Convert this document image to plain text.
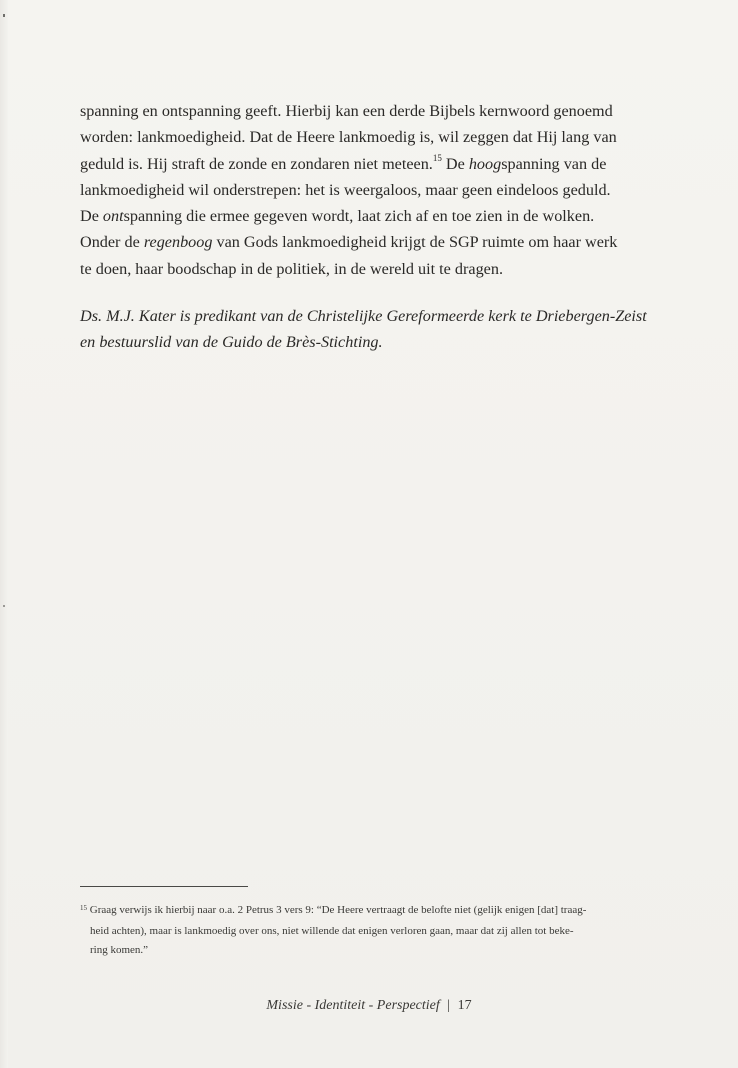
spanning en ontspanning geeft. Hierbij kan een derde Bijbels kernwoord genoemd

worden: lankmoedigheid. Dat de Heere lankmoedig is, wil zeggen dat Hij lang van

geduld is. Hij straft de zonde en zondaren niet meteen.$^{15}$ De hoogspanning van de

lankmoedigheid wil onderstrepen: het is weergaloos, maar geen eindeloos geduld.

De ontspanning die ermee gegeven wordt, laat zich af en toe zien in de wolken.

Onder de regenboog van Gods lankmoedigheid krijgt de SGP ruimte om haar werk

te doen, haar boodschap in de politiek, in de wereld uit te dragen.

Ds. M.J. Kater is predikant van de Christelijke Gereformeerde kerk te Driebergen-Zeist

en bestuurslid van de Guido de Brès-Stichting.

$^{15}$ Graag verwijs ik hierbij naar o.a. 2 Petrus 3 vers 9: “De Heere vertraagt de belofte niet (gelijk enigen [dat] traag-
heid achten), maar is lankmoedig over ons, niet willende dat enigen verloren gaan, maar dat zij allen tot beke-
ring komen.”
Missie - Identiteit - Perspectief | 17
